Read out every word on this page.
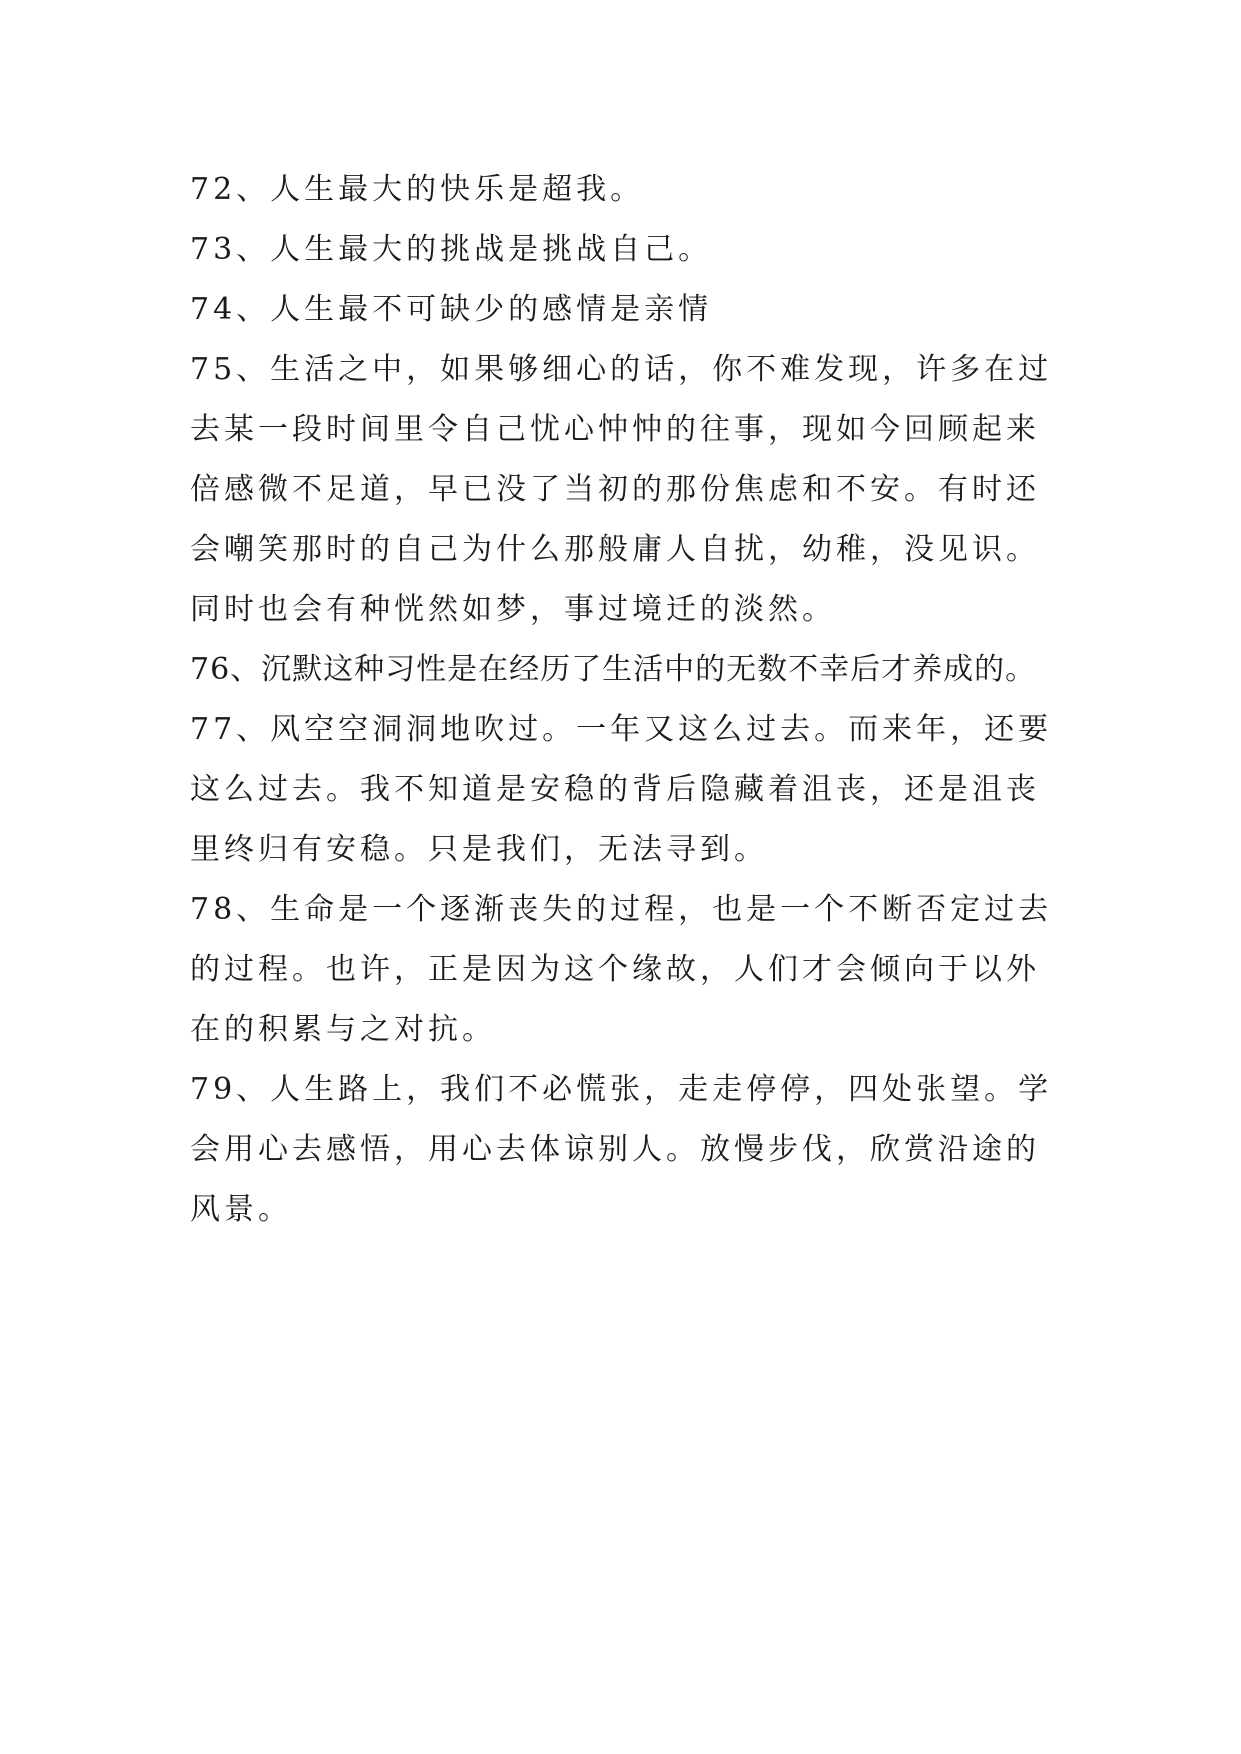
72、人生最大的快乐是超我。

73、人生最大的挑战是挑战自己。

74、人生最不可缺少的感情是亲情

75、生活之中，如果够细心的话，你不难发现，许多在过去某一段时间里令自己忧心忡忡的往事，现如今回顾起来倍感微不足道，早已没了当初的那份焦虑和不安。有时还会嘲笑那时的自己为什么那般庸人自扰，幼稚，没见识。同时也会有种恍然如梦，事过境迁的淡然。

76、沉默这种习性是在经历了生活中的无数不幸后才养成的。

77、风空空洞洞地吹过。一年又这么过去。而来年，还要这么过去。我不知道是安稳的背后隐藏着沮丧，还是沮丧里终归有安稳。只是我们，无法寻到。

78、生命是一个逐渐丧失的过程，也是一个不断否定过去的过程。也许，正是因为这个缘故，人们才会倾向于以外在的积累与之对抗。

79、人生路上，我们不必慌张，走走停停，四处张望。学会用心去感悟，用心去体谅别人。放慢步伐，欣赏沿途的风景。
